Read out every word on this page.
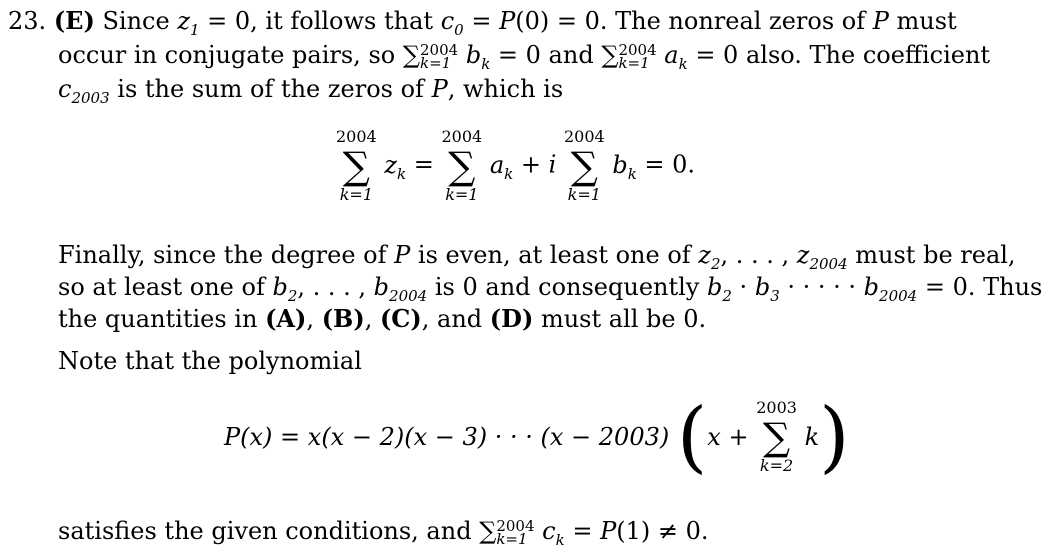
23. (E) Since $z_1 = 0$, it follows that $c_0 = P(0) = 0$. The nonreal zeros of P must
occur in conjugate pairs, so ∑ 2004
k=1 $b_k = 0$ and ∑ 2004
k=1 $a_k = 0$ also. The coefficient
$c_{2003}$ is the sum of the zeros of P, which is
2004
∑
k=1
$z_k$ =
2004
∑
k=1
$a_k + i$
2004
∑
k=1
$b_k = 0$.
Finally, since the degree of P is even, at least one of $z_2$, . . . , $z_{2004}$ must be real,
so at least one of $b_2$, . . . , $b_{2004}$ is 0 and consequently $b_2 \cdot b_3$ · · · · · $b_{2004} = 0$. Thus
the quantities in (A), (B), (C), and (D) must all be 0.
Note that the polynomial
P(x) = x(x − 2)(x − 3) · · · (x − 2003) (x +
2003
∑
k=2
k)
satisfies the given conditions, and ∑ 2004
k=1 $c_k = P(1) \ne 0$.
